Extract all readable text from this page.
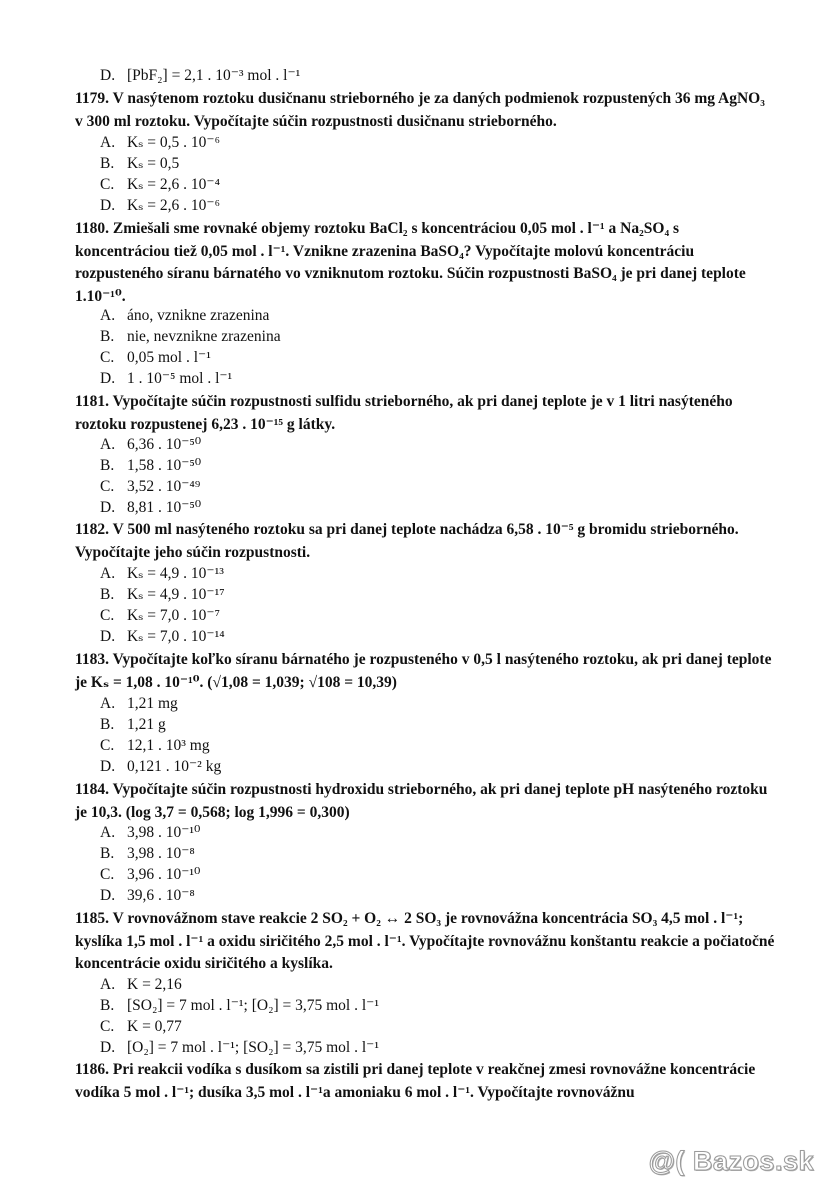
D. [PbF₂] = 2,1 . 10⁻³ mol . l⁻¹
1179. V nasýtenom roztoku dusičnanu strieborného je za daných podmienok rozpustených 36 mg AgNO₃ v 300 ml roztoku. Vypočítajte súčin rozpustnosti dusičnanu strieborného.
A. Kₛ = 0,5 . 10⁻⁶
B. Kₛ = 0,5
C. Kₛ = 2,6 . 10⁻⁴
D. Kₛ = 2,6 . 10⁻⁶
1180. Zmiešali sme rovnaké objemy roztoku BaCl₂ s koncentráciou 0,05 mol . l⁻¹ a Na₂SO₄ s koncentráciou tiež 0,05 mol . l⁻¹. Vznikne zrazenina BaSO₄? Vypočítajte molovú koncentráciu rozpusteného síranu bárnatého vo vzniknutom roztoku. Súčin rozpustnosti BaSO₄ je pri danej teplote 1.10⁻¹⁰.
A. áno, vznikne zrazenina
B. nie, nevznikne zrazenina
C. 0,05 mol . l⁻¹
D. 1 . 10⁻⁵ mol . l⁻¹
1181. Vypočítajte súčin rozpustnosti sulfidu strieborného, ak pri danej teplote je v 1 litri nasýteného roztoku rozpustenej 6,23 . 10⁻¹⁵ g látky.
A. 6,36 . 10⁻⁵⁰
B. 1,58 . 10⁻⁵⁰
C. 3,52 . 10⁻⁴⁹
D. 8,81 . 10⁻⁵⁰
1182. V 500 ml nasýteného roztoku sa pri danej teplote nachádza 6,58 . 10⁻⁵ g bromidu strieborného. Vypočítajte jeho súčin rozpustnosti.
A. Kₛ = 4,9 . 10⁻¹³
B. Kₛ = 4,9 . 10⁻¹⁷
C. Kₛ = 7,0 . 10⁻⁷
D. Kₛ = 7,0 . 10⁻¹⁴
1183. Vypočítajte koľko síranu bárnatého je rozpusteného v 0,5 l nasýteného roztoku, ak pri danej teplote je Kₛ = 1,08 . 10⁻¹⁰. (√1,08 = 1,039; √108 = 10,39)
A. 1,21 mg
B. 1,21 g
C. 12,1 . 10³ mg
D. 0,121 . 10⁻² kg
1184. Vypočítajte súčin rozpustnosti hydroxidu strieborného, ak pri danej teplote pH nasýteného roztoku je 10,3. (log 3,7 = 0,568; log 1,996 = 0,300)
A. 3,98 . 10⁻¹⁰
B. 3,98 . 10⁻⁸
C. 3,96 . 10⁻¹⁰
D. 39,6 . 10⁻⁸
1185. V rovnovážnom stave reakcie 2 SO₂ + O₂ ↔ 2 SO₃ je rovnovážna koncentrácia SO₃ 4,5 mol . l⁻¹; kyslíka 1,5 mol . l⁻¹ a oxidu siričitého 2,5 mol . l⁻¹. Vypočítajte rovnovážnu konštantu reakcie a počiatočné koncentrácie oxidu siričitého a kyslíka.
A. K = 2,16
B. [SO₂] = 7 mol . l⁻¹; [O₂] = 3,75 mol . l⁻¹
C. K = 0,77
D. [O₂] = 7 mol . l⁻¹; [SO₂] = 3,75 mol . l⁻¹
1186. Pri reakcii vodíka s dusíkom sa zistili pri danej teplote v reakčnej zmesi rovnovážne koncentrácie vodíka 5 mol . l⁻¹; dusíka 3,5 mol . l⁻¹a amoniaku 6 mol . l⁻¹. Vypočítajte rovnovážnu
@( Bazos.sk
